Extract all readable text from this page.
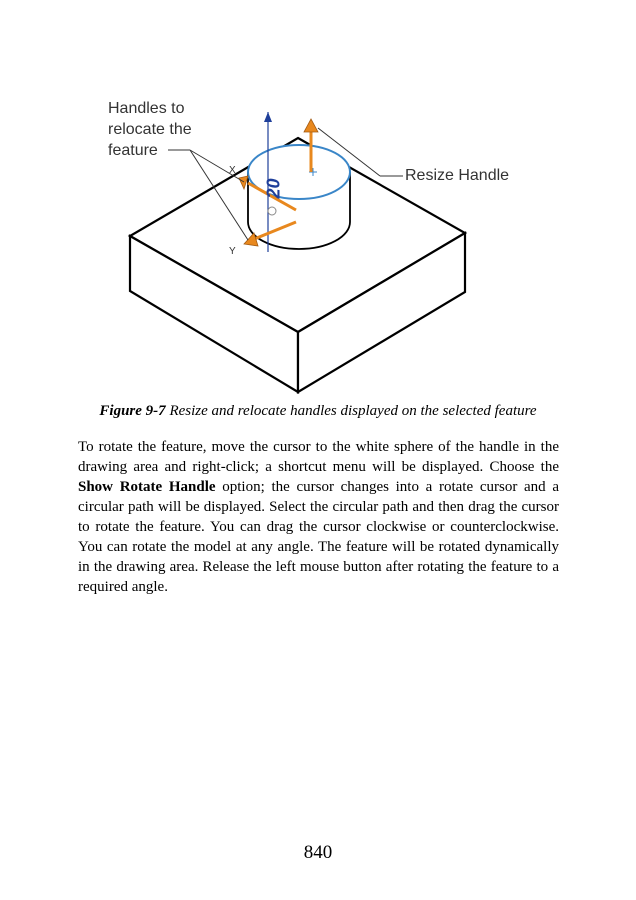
Handles to relocate the feature
Resize Handle
X
Y
20
Figure 9-7 Resize and relocate handles displayed on the selected feature
To rotate the feature, move the cursor to the white sphere of the handle in the drawing area and right-click; a shortcut menu will be displayed. Choose the Show Rotate Handle option; the cursor changes into a rotate cursor and a circular path will be displayed. Select the circular path and then drag the cursor to rotate the feature. You can drag the cursor clockwise or counterclockwise. You can rotate the model at any angle. The feature will be rotated dynamically in the drawing area. Release the left mouse button after rotating the feature to a required angle.
840
